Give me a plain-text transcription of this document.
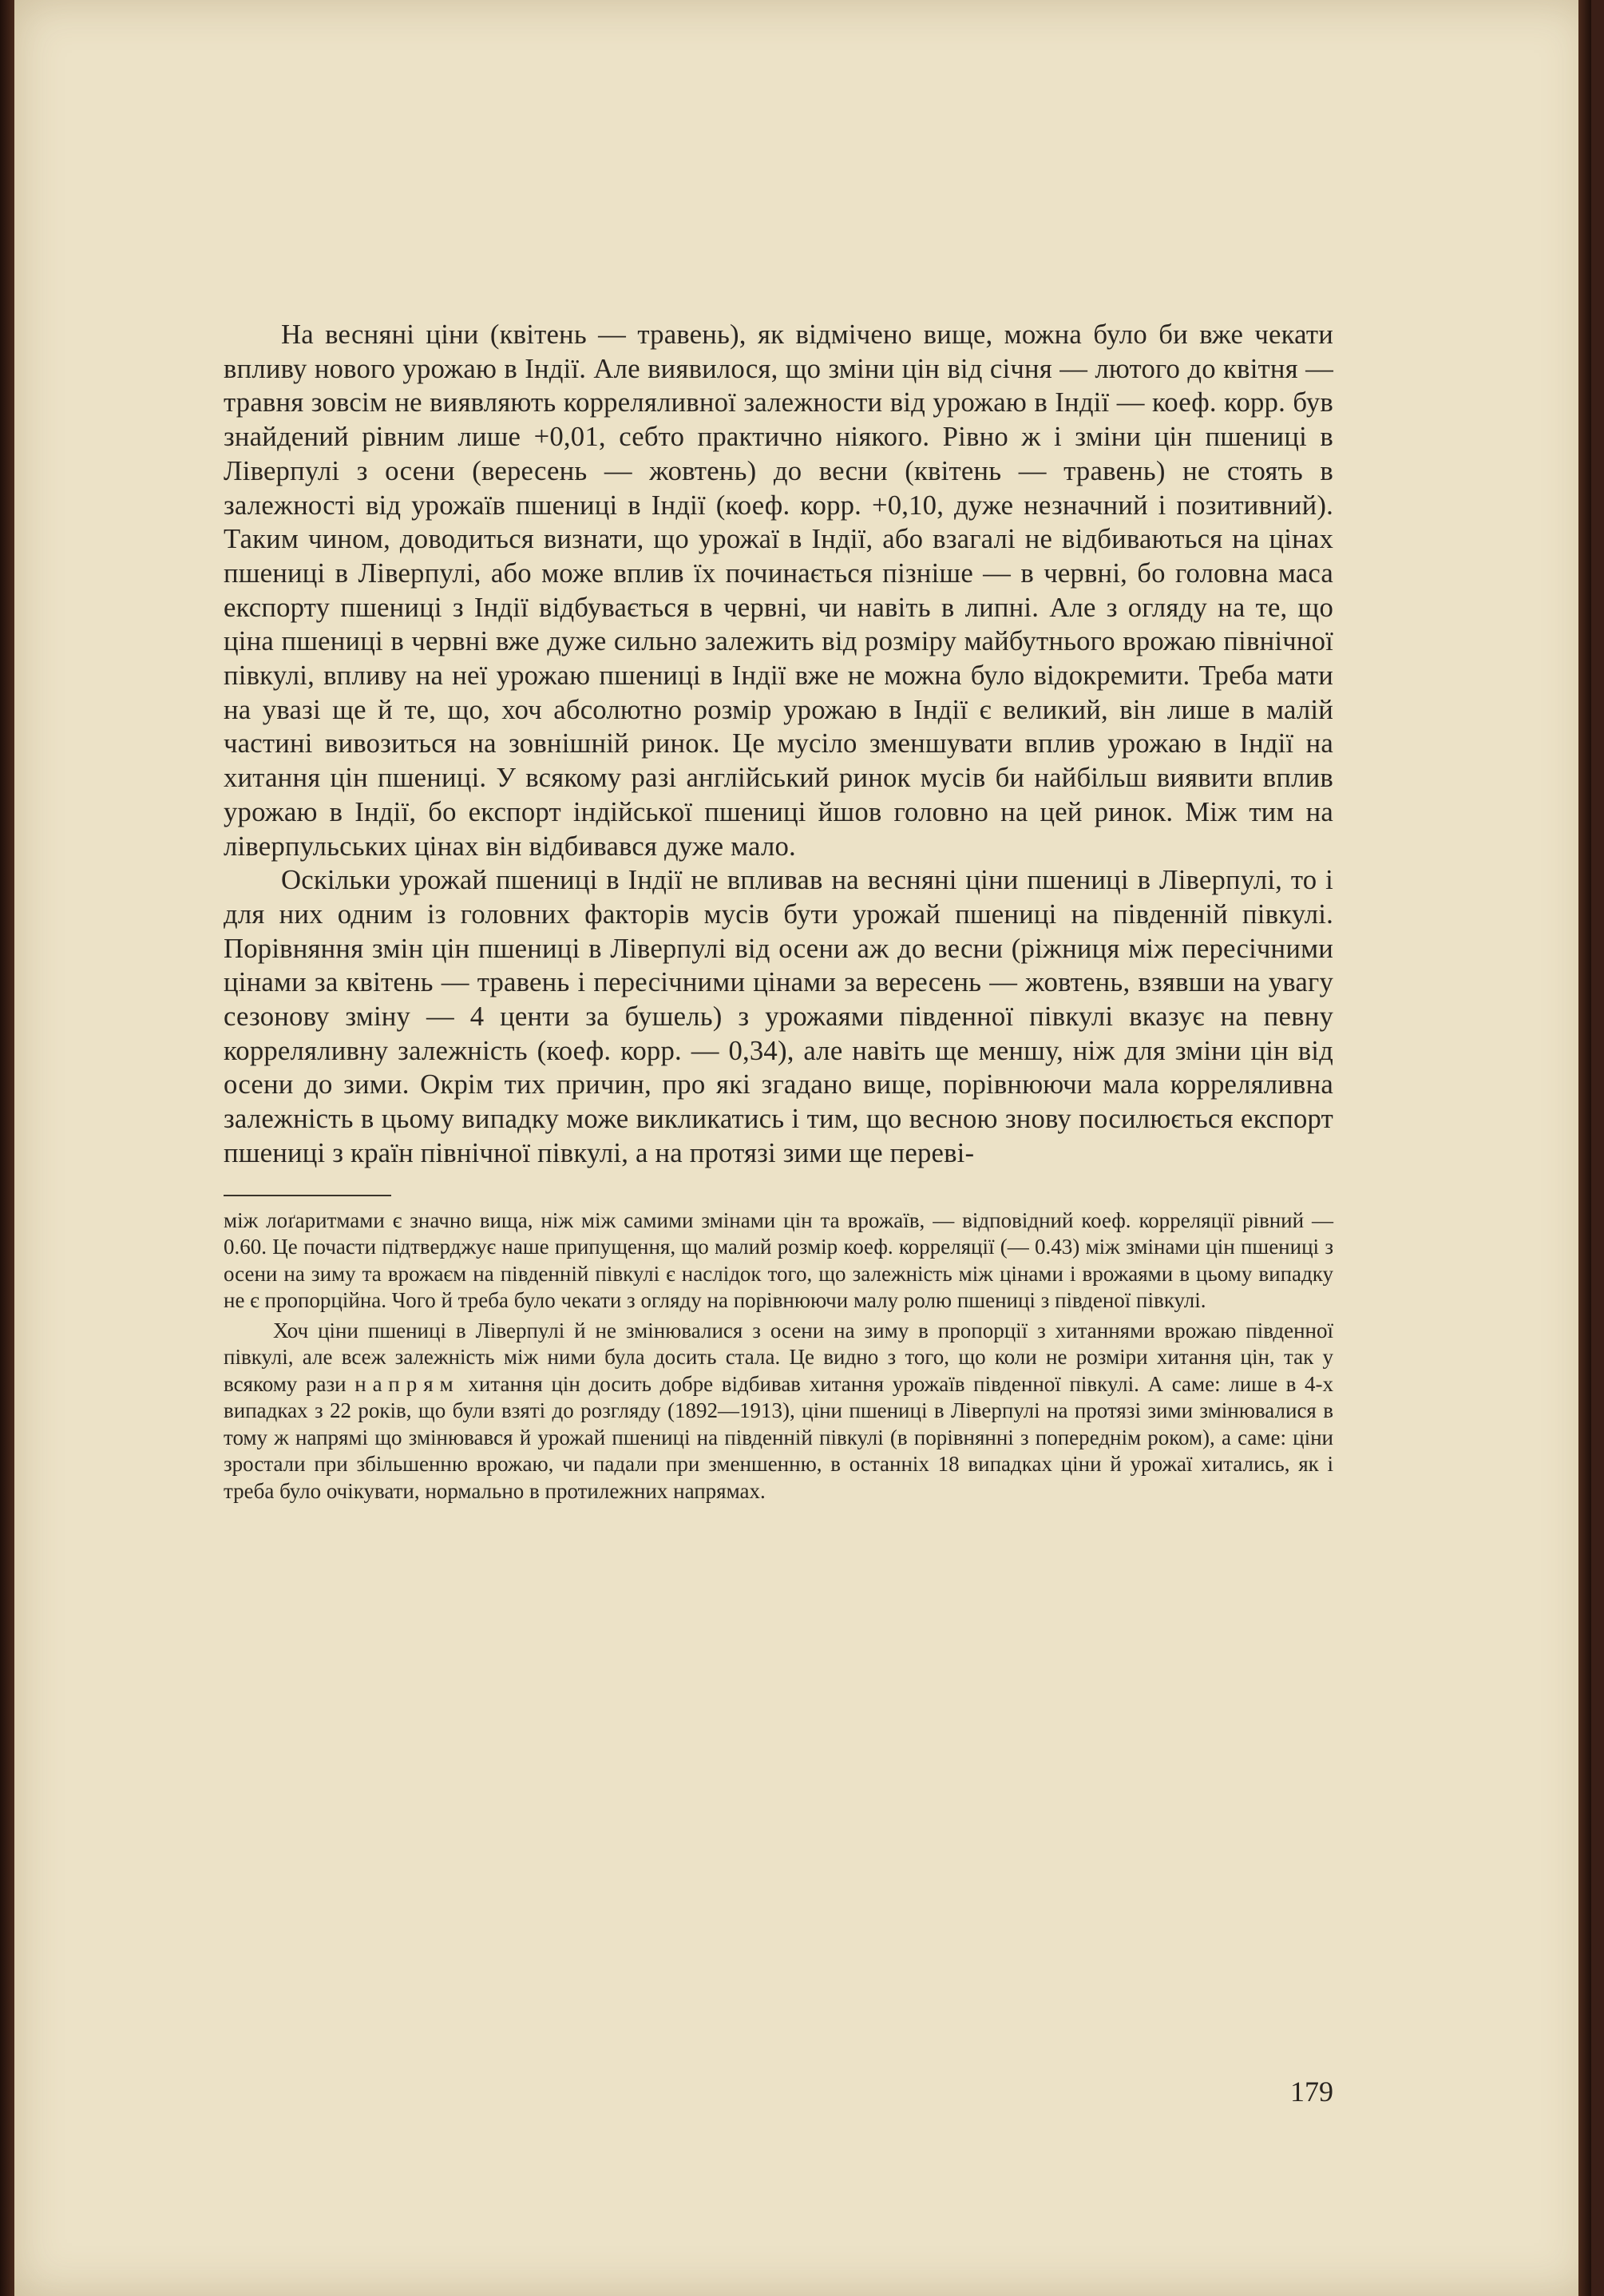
На весняні ціни (квітень — травень), як відмічено вище, можна було би вже чекати впливу нового урожаю в Індії. Але виявилося, що зміни цін від січня — лютого до квітня — травня зовсім не виявляють корреляливної залежности від урожаю в Індії — коеф. корр. був знайдений рівним лише +0,01, себто практично ніякого. Рівно ж і зміни цін пшениці в Ліверпулі з осени (вересень — жовтень) до весни (квітень — травень) не стоять в залежності від урожаїв пшениці в Індії (коеф. корр. +0,10, дуже незначний і позитивний). Таким чином, доводиться визнати, що урожаї в Індії, або взагалі не відбиваються на цінах пшениці в Ліверпулі, або може вплив їх починається пізніше — в червні, бо головна маса експорту пшениці з Індії відбувається в червні, чи навіть в липні. Але з огляду на те, що ціна пшениці в червні вже дуже сильно залежить від розміру майбутнього врожаю північної півкулі, впливу на неї урожаю пшениці в Індії вже не можна було відокремити. Треба мати на увазі ще й те, що, хоч абсолютно розмір урожаю в Індії є великий, він лише в малій частині вивозиться на зовнішній ринок. Це мусіло зменшувати вплив урожаю в Індії на хитання цін пшениці. У всякому разі англійський ринок мусів би найбільш виявити вплив урожаю в Індії, бо експорт індійської пшениці йшов головно на цей ринок. Між тим на ліверпульських цінах він відбивався дуже мало.

Оскільки урожай пшениці в Індії не впливав на весняні ціни пшениці в Ліверпулі, то і для них одним із головних факторів мусів бути урожай пшениці на південній півкулі. Порівняння змін цін пшениці в Ліверпулі від осени аж до весни (ріжниця між пересічними цінами за квітень — травень і пересічними цінами за вересень — жовтень, взявши на увагу сезонову зміну — 4 центи за бушель) з урожаями південної півкулі вказує на певну корреляливну залежність (коеф. корр. — 0,34), але навіть ще меншу, ніж для зміни цін від осени до зими. Окрім тих причин, про які згадано вище, порівнюючи мала корреляливна залежність в цьому випадку може викликатись і тим, що весною знову посилюється експорт пшениці з країн північної півкулі, а на протязі зими ще переві-

між лоґаритмами є значно вища, ніж між самими змінами цін та врожаїв, — відповідний коеф. корреляції рівний — 0.60. Це почасти підтверджує наше припущення, що малий розмір коеф. корреляції (— 0.43) між змінами цін пшениці з осени на зиму та врожаєм на південній півкулі є наслідок того, що залежність між цінами і врожаями в цьому випадку не є пропорційна. Чого й треба було чекати з огляду на порівнюючи малу ролю пшениці з південої півкулі.

Хоч ціни пшениці в Ліверпулі й не змінювалися з осени на зиму в пропорції з хитаннями врожаю південної півкулі, але всеж залежність між ними була досить стала. Це видно з того, що коли не розміри хитання цін, так у всякому рази напрям хитання цін досить добре відбивав хитання урожаїв південної півкулі. А саме: лише в 4-х випадках з 22 років, що були взяті до розгляду (1892—1913), ціни пшениці в Ліверпулі на протязі зими змінювалися в тому ж напрямі що змінювався й урожай пшениці на південній півкулі (в порівнянні з попереднім роком), а саме: ціни зростали при збільшенню врожаю, чи падали при зменшенню, в останніх 18 випадках ціни й урожаї хитались, як і треба було очікувати, нормально в протилежних напрямах.

179
